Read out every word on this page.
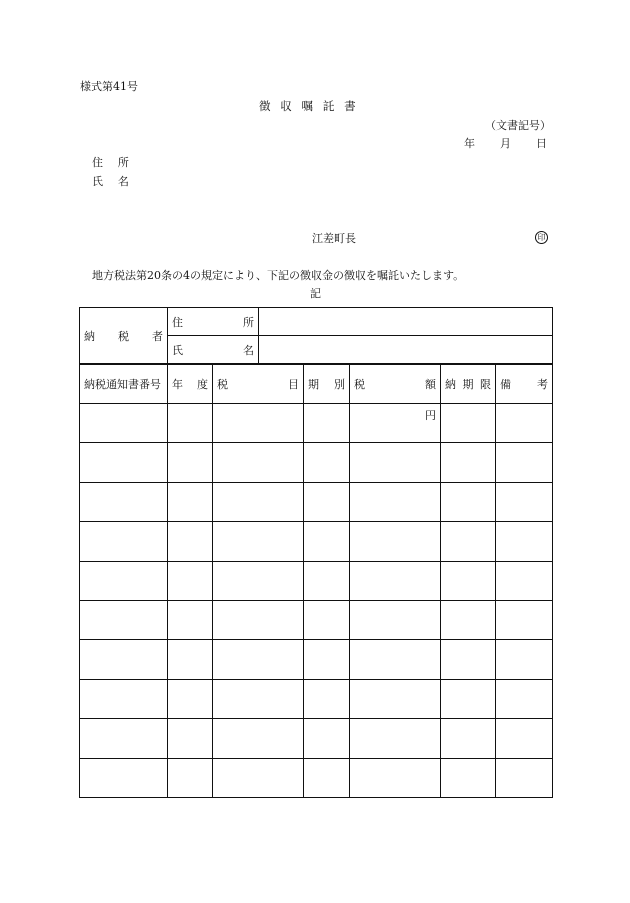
様式第41号
徴収嘱託書
（文書記号）
年 月 日
住所
氏名
江差町長	印
地方税法第20条の4の規定により、下記の徴収金の徴収を嘱託いたします。
記
納 税 者	住 所	

	氏 名	

納税通知書番号	年 度	税 目	期 別	税 額	納 期 限	備 考

				円		
